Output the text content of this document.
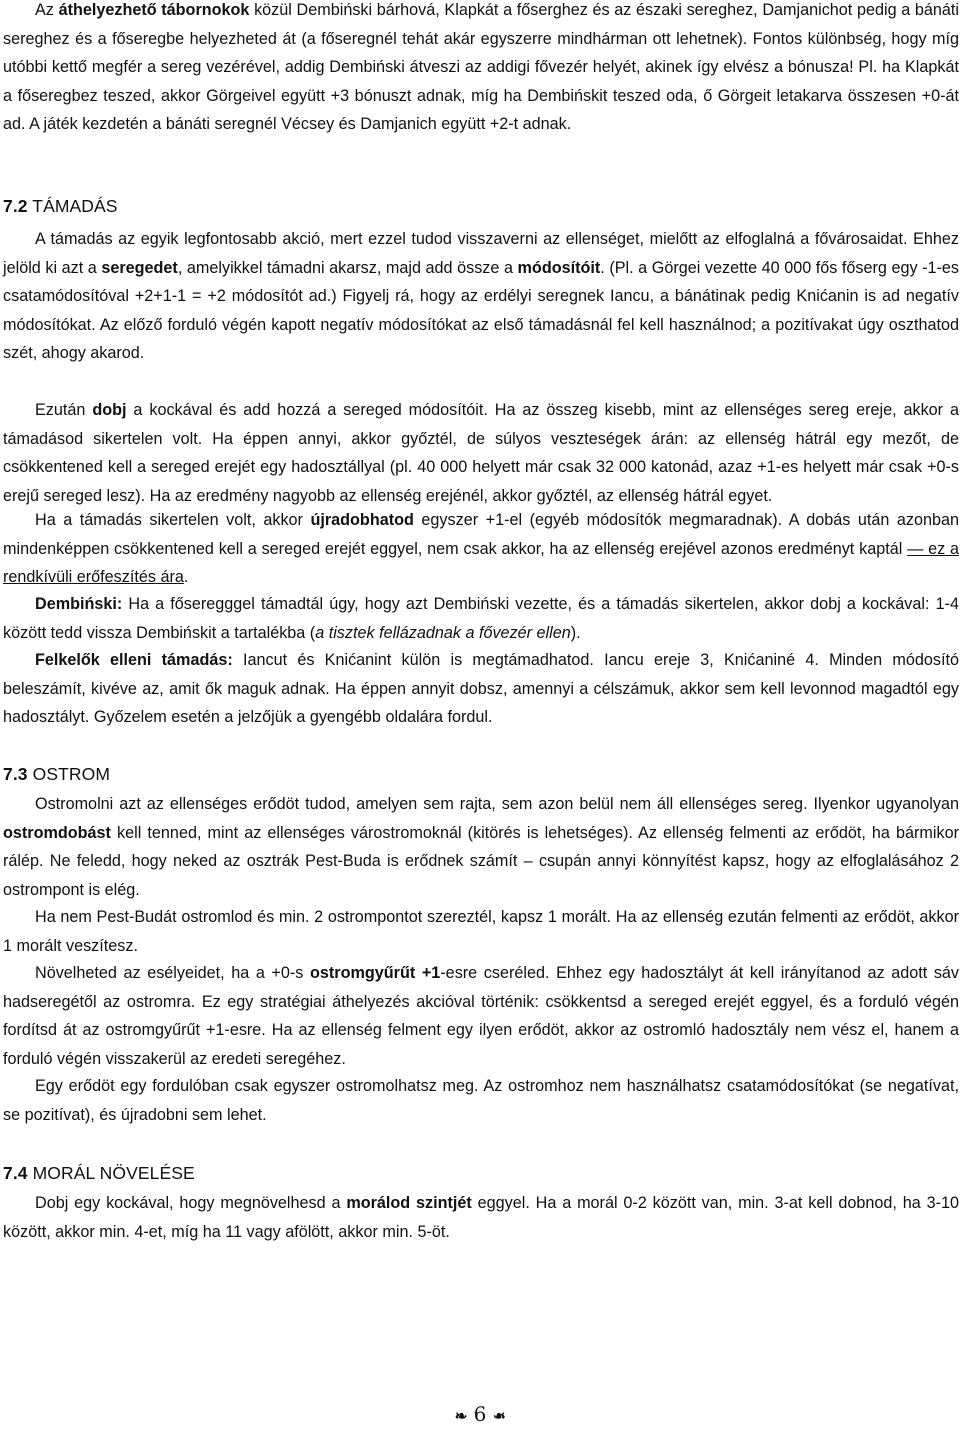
Az áthelyezhető tábornokok közül Dembiński bárhová, Klapkát a főserghez és az északi sereghez, Damjanichot pedig a bánáti sereghez és a főseregbe helyezheted át (a főseregnél tehát akár egyszerre mindhárman ott lehetnek). Fontos különbség, hogy míg utóbbi kettő megfér a sereg vezérével, addig Dembiński átveszi az addigi fővezér helyét, akinek így elvész a bónusza! Pl. ha Klapkát a főseregbez teszed, akkor Görgeivel együtt +3 bónuszt adnak, míg ha Dembińskit teszed oda, ő Görgeit letakarva összesen +0-át ad. A játék kezdetén a bánáti seregnél Vécsey és Damjanich együtt +2-t adnak.

7.2 TÁMADÁS

A támadás az egyik legfontosabb akció, mert ezzel tudod visszaverni az ellenséget, mielőtt az elfoglalná a fővárosaidat. Ehhez jelöld ki azt a seregedet, amelyikkel támadni akarsz, majd add össze a módosítóit. (Pl. a Görgei vezette 40 000 fős főserg egy -1-es csatamódosítóval +2+1-1 = +2 módosítót ad.) Figyelj rá, hogy az erdélyi seregnek Iancu, a bánátinak pedig Knićanin is ad negatív módosítókat. Az előző forduló végén kapott negatív módosítókat az első támadásnál fel kell használnod; a pozitívakat úgy oszthatod szét, ahogy akarod.

Ezután dobj a kockával és add hozzá a sereged módosítóit. Ha az összeg kisebb, mint az ellenséges sereg ereje, akkor a támadásod sikertelen volt. Ha éppen annyi, akkor győztél, de súlyos veszteségek árán: az ellenség hátrál egy mezőt, de csökkentened kell a sereged erejét egy hadosztállyal (pl. 40 000 helyett már csak 32 000 katonád, azaz +1-es helyett már csak +0-s erejű sereged lesz). Ha az eredmény nagyobb az ellenség erejénél, akkor győztél, az ellenség hátrál egyet.

Ha a támadás sikertelen volt, akkor újradobhatod egyszer +1-el (egyéb módosítók megmaradnak). A dobás után azonban mindenképpen csökkentened kell a sereged erejét eggyel, nem csak akkor, ha az ellenség erejével azonos eredményt kaptál — ez a rendkívüli erőfeszítés ára.

Dembiński: Ha a főseregggel támadtál úgy, hogy azt Dembiński vezette, és a támadás sikertelen, akkor dobj a kockával: 1-4 között tedd vissza Dembińskit a tartalékba (a tisztek fellázadnak a fővezér ellen).

Felkelők elleni támadás: Iancut és Knićanint külön is megtámadhatod. Iancu ereje 3, Knićaniné 4. Minden módosító beleszámít, kivéve az, amit ők maguk adnak. Ha éppen annyit dobsz, amennyi a célszámuk, akkor sem kell levonnod magadtól egy hadosztályt. Győzelem esetén a jelzőjük a gyengébb oldalára fordul.

7.3 OSTROM

Ostromolni azt az ellenséges erődöt tudod, amelyen sem rajta, sem azon belül nem áll ellenséges sereg. Ilyenkor ugyanolyan ostromdobást kell tenned, mint az ellenséges várostromoknál (kitörés is lehetséges). Az ellenség felmenti az erődöt, ha bármikor rálép. Ne feledd, hogy neked az osztrák Pest-Buda is erődnek számít – csupán annyi könnyítést kapsz, hogy az elfoglalásához 2 ostrompont is elég.

Ha nem Pest-Budát ostromlod és min. 2 ostrompontot szereztél, kapsz 1 morált. Ha az ellenség ezután felmenti az erődöt, akkor 1 morált veszítesz.

Növelheted az esélyeidet, ha a +0-s ostromgyűrűt +1-esre cseréled. Ehhez egy hadosztályt át kell irányítanod az adott sáv hadseregétől az ostromra. Ez egy stratégiai áthelyezés akcióval történik: csökkentsd a sereged erejét eggyel, és a forduló végén fordítsd át az ostromgyűrűt +1-esre. Ha az ellenség felment egy ilyen erődöt, akkor az ostromló hadosztály nem vész el, hanem a forduló végén visszakerül az eredeti seregéhez.

Egy erődöt egy fordulóban csak egyszer ostromolhatsz meg. Az ostromhoz nem használhatsz csatamódosítókat (se negatívat, se pozitívat), és újradobni sem lehet.

7.4 MORÁL NÖVELÉSE

Dobj egy kockával, hogy megnövelhesd a morálod szintjét eggyel. Ha a morál 0-2 között van, min. 3-at kell dobnod, ha 3-10 között, akkor min. 4-et, míg ha 11 vagy afölött, akkor min. 5-öt.

❧ 6 ❧
